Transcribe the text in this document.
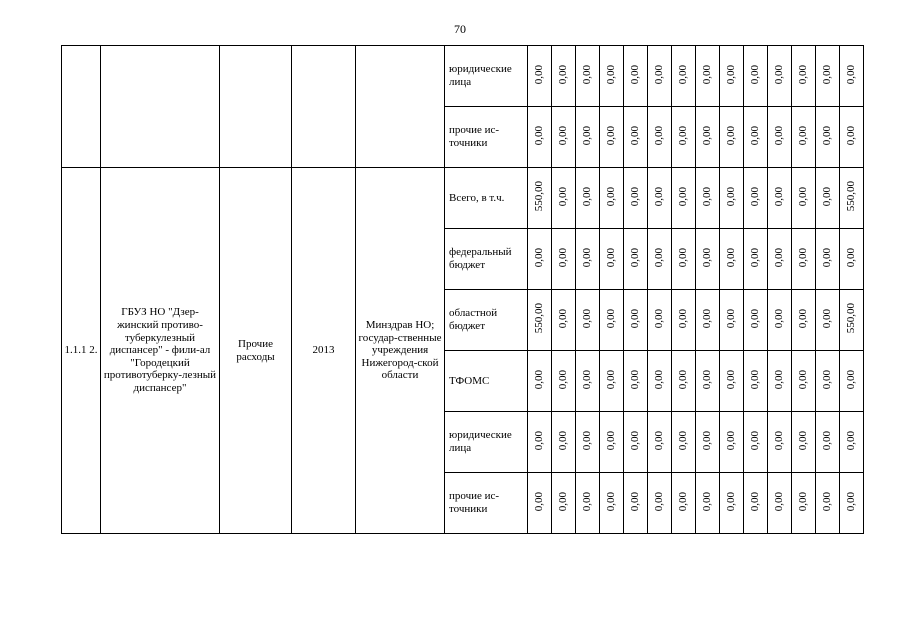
70
					юридические лица	0,00	0,00	0,00	0,00	0,00	0,00	0,00	0,00	0,00	0,00	0,00	0,00	0,00	0,00
					прочие ис-точники	0,00	0,00	0,00	0,00	0,00	0,00	0,00	0,00	0,00	0,00	0,00	0,00	0,00	0,00
1.1.1 2.	ГБУЗ НО "Дзер-жинский противо-туберкулезный диспансер" - фили-ал "Городецкий противотуберку-лезный диспансер"	Прочие расходы	2013	Минздрав НО; государ-ственные учреждения Нижегород-ской области	Всего, в т.ч.	550,00	0,00	0,00	0,00	0,00	0,00	0,00	0,00	0,00	0,00	0,00	0,00	0,00	550,00
					федеральный бюджет	0,00	0,00	0,00	0,00	0,00	0,00	0,00	0,00	0,00	0,00	0,00	0,00	0,00	0,00
					областной бюджет	550,00	0,00	0,00	0,00	0,00	0,00	0,00	0,00	0,00	0,00	0,00	0,00	0,00	550,00
					ТФОМС	0,00	0,00	0,00	0,00	0,00	0,00	0,00	0,00	0,00	0,00	0,00	0,00	0,00	0,00
					юридические лица	0,00	0,00	0,00	0,00	0,00	0,00	0,00	0,00	0,00	0,00	0,00	0,00	0,00	0,00
					прочие ис-точники	0,00	0,00	0,00	0,00	0,00	0,00	0,00	0,00	0,00	0,00	0,00	0,00	0,00	0,00
